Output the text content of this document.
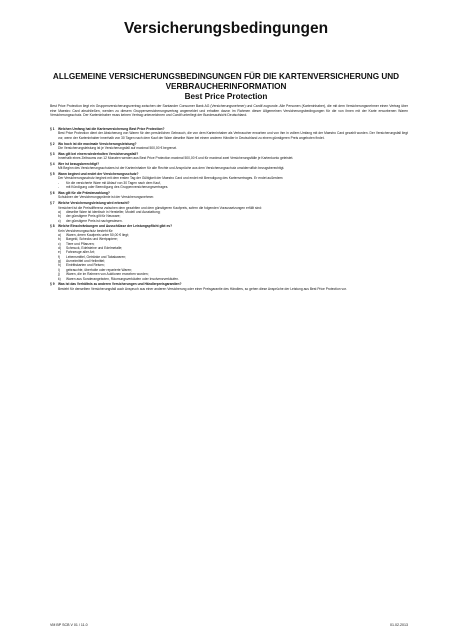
Versicherungsbedingungen
ALLGEMEINE VERSICHERUNGSBEDINGUNGEN FÜR DIE KARTENVERSICHERUNG UND
VERBRAUCHERINFORMATION
Best Price Protection
Best Price Protection liegt ein Gruppenversicherungsvertrag zwischen der Santander Consumer Bank AG (Versicherungsnehmer) und Cardif zugrunde. Alle Personen (Karteninhaber), die mit dem Versicherungsnehmer einen Vertrag über eine Maestro Card abschließen, werden zu diesem Gruppenversicherungsvertrag angemeldet und erhalten davon im Rahmen dieser Allgemeinen Versicherungsbedingungen für die von ihnen mit der Karte erworbenen Waren Versicherungsschutz. Der Karteninhaber muss keinen Vertrag unterzeichnen und Cardif unterliegt der Bundesaufsicht Deutschland.
§ 1	Welchen Umfang hat die Kartenversicherung Best Price Protection?
Best Price Protection dient der Absicherung von Waren für den persönlichen Gebrauch, die von dem Karteninhaber als Verbraucher erworben und von ihm in vollem Umfang mit der Maestro Card gezahlt wurden. Der Versicherungsfall liegt vor, wenn der Karteninhaber innerhalb von 30 Tagen nach dem Kauf der Ware dieselbe Ware bei einem anderen Händler in Deutschland zu einem günstigeren Preis angeboten findet.
§ 2	Wo hoch ist die maximale Versicherungsleistung?
Die Versicherungsleistung ist je Versicherungsfall auf maximal 500,00 € begrenzt.
§ 3	Was gilt bei einem wiederholten Versicherungsfall?
Innerhalb eines Zeitraums von 12 Monaten werden aus Best Price Protection maximal 500,00 € und für maximal zwei Versicherungsfälle je Kartenkonto geleistet.
§ 4	Wer ist bezugsberechtigt?
Mit Beginn des Versicherungsschutzes ist der Karteninhaber für alle Rechte und Ansprüche aus dem Versicherungsschutz unwiderruflich bezugsberechtigt.
§ 5	Wann beginnt und endet der Versicherungsschutz?
Der Versicherungsschutz beginnt mit dem ersten Tag der Gültigkeit der Maestro Card und endet mit Beendigung des Kartenvertrages. Er endet außerdem:
-	für die versicherte Ware mit Ablauf von 30 Tagen nach dem Kauf,
-	mit Kündigung oder Beendigung des Gruppenversicherungsvertrages.
§ 6	Was gilt für die Prämienzahlung?
Schuldner der Versicherungsprämie ist der Versicherungsnehmer.
§ 7	Welche Versicherungsleistung wird erbracht?
Versichert ist die Preisdifferenz zwischen dem gezahlten und dem günstigeren Kaufpreis, sofern die folgenden Voraussetzungen erfüllt sind:
a)	dieselbe Ware ist identisch in Hersteller, Modell und Ausstattung;
b)	der günstigere Preis gilt für Neuware;
c)	der günstigere Preis ist nachgewiesen.
§ 8	Welche Einschränkungen und Ausschlüsse der Leistungspflicht gibt es?
Kein Versicherungsschutz besteht für:
a)	Waren, deren Kaufpreis unter 50,00 € liegt;
b)	Bargeld, Schecks und Wertpapiere;
c)	Tiere und Pflanzen;
d)	Schmuck, Edelsteine und Edelmetalle;
e)	Fahrzeuge aller Art;
f)	Lebensmittel, Getränke und Tabakwaren;
g)	Arzneimittel und Heilmittel;
h)	Eintrittskarten und Reisen;
i)	gebrauchte, überholte oder reparierte Waren;
j)	Waren, die im Rahmen von Auktionen erworben wurden;
k)	Waren aus Sonderangeboten, Räumungsverkäufen oder Insolvenzverkäufen.
§ 9	Was ist das Verhältnis zu anderen Versicherungen und Händlerpreisgarantien?
Besteht für denselben Versicherungsfall auch Anspruch aus einer anderen Versicherung oder einer Preisgarantie des Händlers, so gehen diese Ansprüche der Leistung aus Best Price Protection vor.
VM BP SCB V 01 / 11.0	01.02.2013
